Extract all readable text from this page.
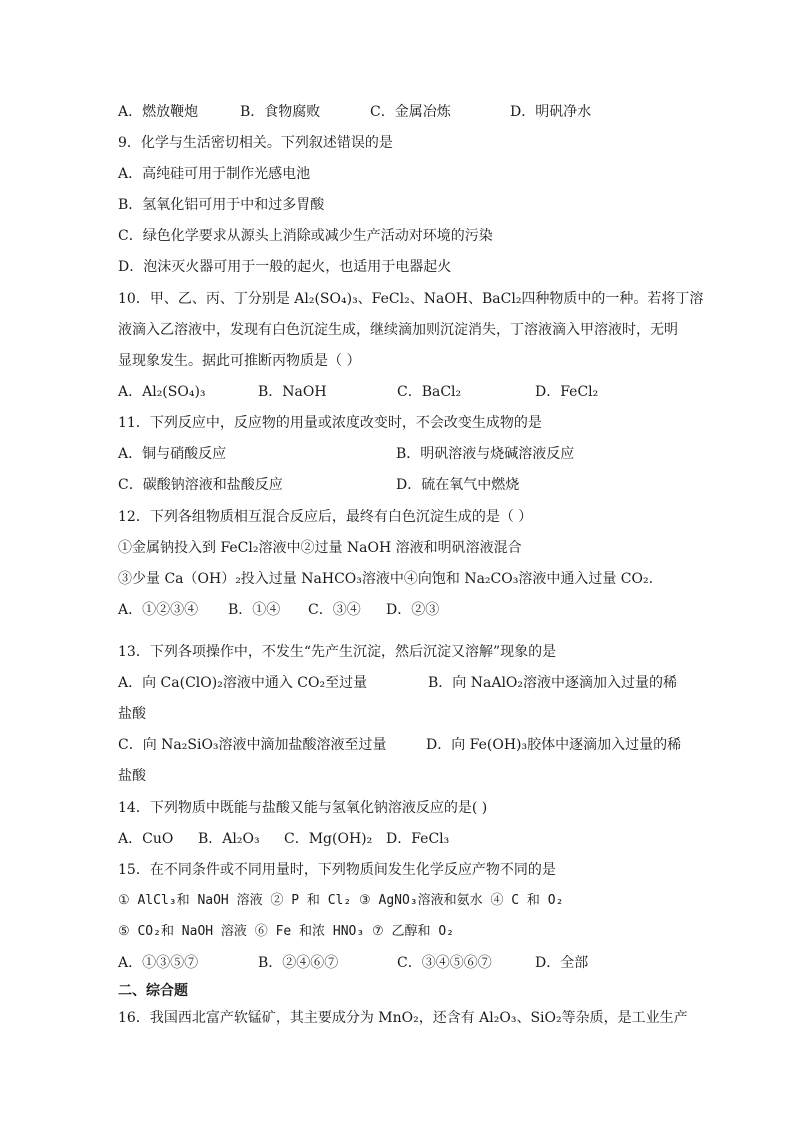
A．燃放鞭炮	B．食物腐败	C．金属冶炼	D．明矾净水
9．化学与生活密切相关。下列叙述错误的是
A．高纯硅可用于制作光感电池
B．氢氧化铝可用于中和过多胃酸
C．绿色化学要求从源头上消除或减少生产活动对环境的污染
D．泡沫灭火器可用于一般的起火，也适用于电器起火
10．甲、乙、丙、丁分别是 Al₂(SO₄)₃、FeCl₂、NaOH、BaCl₂四种物质中的一种。若将丁溶
液滴入乙溶液中，发现有白色沉淀生成，继续滴加则沉淀消失，丁溶液滴入甲溶液时，无明
显现象发生。据此可推断丙物质是（ ）
A．Al₂(SO₄)₃	B．NaOH	C．BaCl₂	D．FeCl₂
11．下列反应中，反应物的用量或浓度改变时，不会改变生成物的是
A．铜与硝酸反应	B．明矾溶液与烧碱溶液反应
C．碳酸钠溶液和盐酸反应	D．硫在氧气中燃烧
12．下列各组物质相互混合反应后，最终有白色沉淀生成的是（ ）
①金属钠投入到 FeCl₂溶液中②过量 NaOH 溶液和明矾溶液混合
③少量 Ca（OH）₂投入过量 NaHCO₃溶液中④向饱和 Na₂CO₃溶液中通入过量 CO₂.
A．①②③④ B．①④ C．③④ D．②③
13．下列各项操作中，不发生“先产生沉淀，然后沉淀又溶解”现象的是
A．向 Ca(ClO)₂溶液中通入 CO₂至过量	B．向 NaAlO₂溶液中逐滴加入过量的稀
盐酸
C．向 Na₂SiO₃溶液中滴加盐酸溶液至过量	D．向 Fe(OH)₃胶体中逐滴加入过量的稀
盐酸
14．下列物质中既能与盐酸又能与氢氧化钠溶液反应的是( )
A．CuO B．Al₂O₃ C．Mg(OH)₂ D．FeCl₃
15．在不同条件或不同用量时，下列物质间发生化学反应产物不同的是
① AlCl₃和 NaOH 溶液 ② P 和 Cl₂ ③ AgNO₃溶液和氨水 ④ C 和 O₂
⑤ CO₂和 NaOH 溶液 ⑥ Fe 和浓 HNO₃ ⑦ 乙醇和 O₂
A．①③⑤⑦	B．②④⑥⑦	C．③④⑤⑥⑦	D．全部
二、综合题
16．我国西北富产软锰矿，其主要成分为 MnO₂，还含有 Al₂O₃、SiO₂等杂质，是工业生产
